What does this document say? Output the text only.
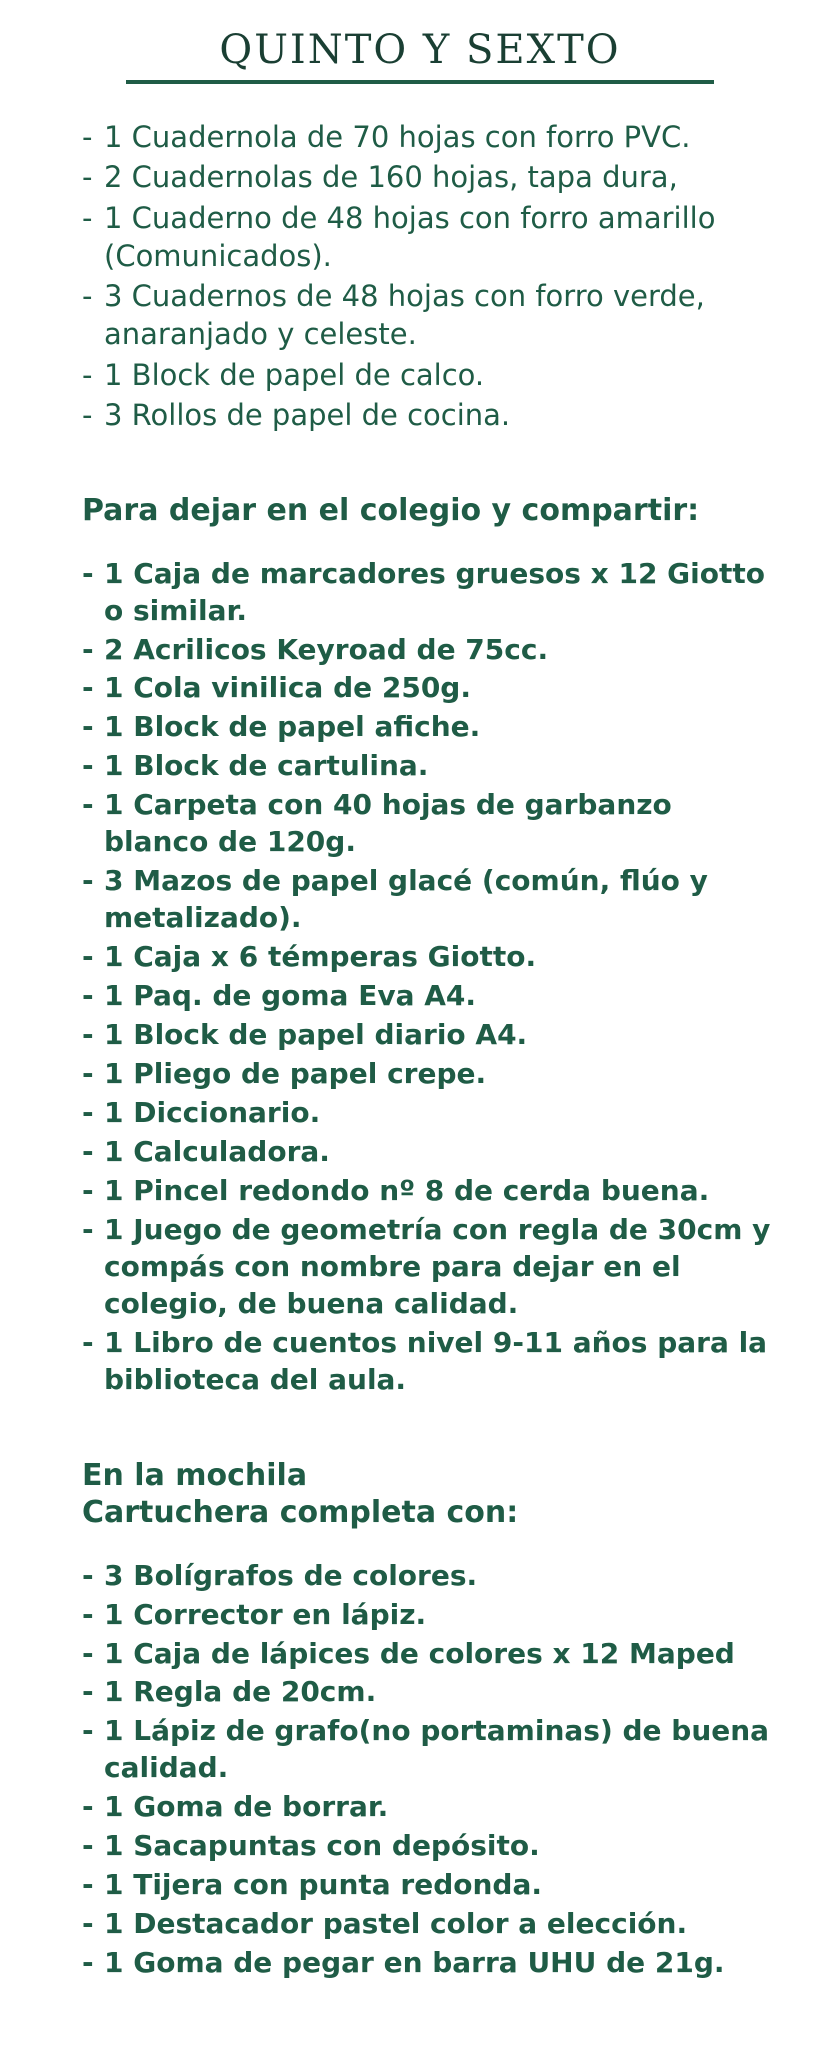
QUINTO Y SEXTO
- 1 Cuadernola de 70 hojas con forro PVC.
- 2 Cuadernolas de 160 hojas, tapa dura,
- 1 Cuaderno de 48 hojas con forro amarillo (Comunicados).
- 3 Cuadernos de 48 hojas con forro verde, anaranjado y celeste.
- 1 Block de papel de calco.
- 3 Rollos de papel de cocina.
Para dejar en el colegio y compartir:
- 1 Caja de marcadores gruesos x 12 Giotto o similar.
- 2 Acrilicos Keyroad de 75cc.
- 1 Cola vinilica de 250g.
- 1 Block de papel afiche.
- 1 Block de cartulina.
- 1 Carpeta con 40 hojas de garbanzo blanco de 120g.
- 3 Mazos de papel glacé (común, flúo y metalizado).
- 1 Caja x 6 témperas Giotto.
- 1 Paq. de goma Eva A4.
- 1 Block de papel diario A4.
- 1 Pliego de papel crepe.
- 1 Diccionario.
- 1 Calculadora.
- 1 Pincel redondo nº 8 de cerda buena.
- 1 Juego de geometría con regla de 30cm y compás con nombre para dejar en el colegio, de buena calidad.
- 1 Libro de cuentos nivel 9-11 años para la biblioteca del aula.
En la mochila
Cartuchera completa con:
- 3 Bolígrafos de colores.
- 1 Corrector en lápiz.
- 1 Caja de lápices de colores x 12 Maped
- 1 Regla de 20cm.
- 1 Lápiz de grafo(no portaminas) de buena calidad.
- 1 Goma de borrar.
- 1 Sacapuntas con depósito.
- 1 Tijera con punta redonda.
- 1 Destacador pastel color a elección.
- 1 Goma de pegar en barra UHU de 21g.
